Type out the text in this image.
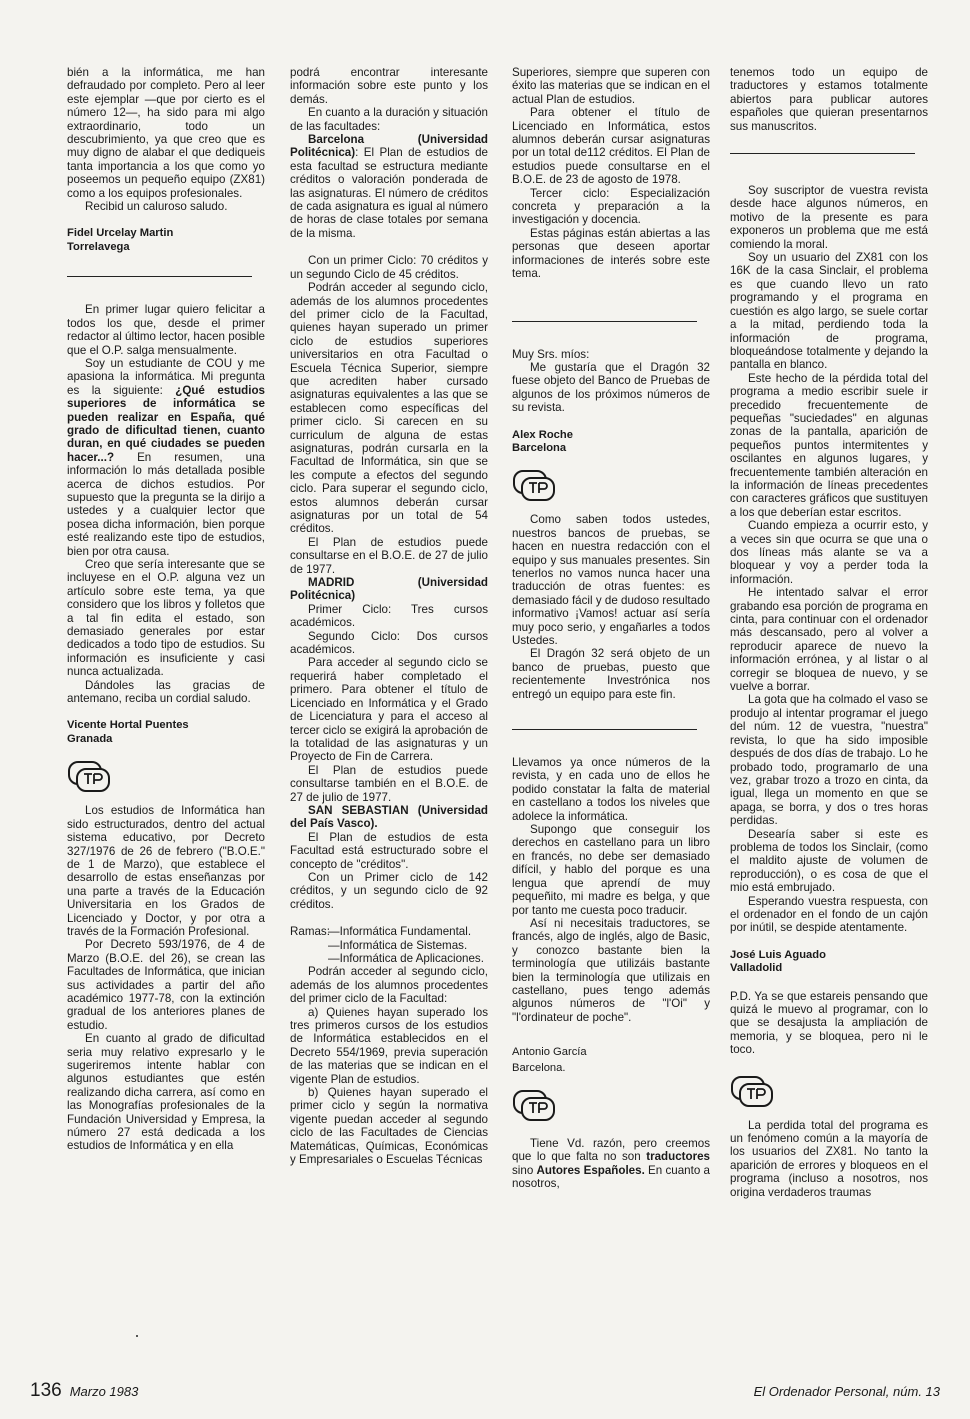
bién a la informática, me han defraudado por completo. Pero al leer este ejemplar —que por cierto es el número 12—, ha sido para mi algo extraordinario, todo un descubrimiento, ya que creo que es muy digno de alabar el que dediqueis tanta importancia a los que como yo poseemos un pequeño equipo (ZX81) como a los equipos profesionales.

Recibid un caluroso saludo.

Fidel Urcelay Martin
Torrelavega

En primer lugar quiero felicitar a todos los que, desde el primer redactor al último lector, hacen posible que el O.P. salga mensualmente.

Soy un estudiante de COU y me apasiona la informática. Mi pregunta es la siguiente: ¿Qué estudios superiores de informática se pueden realizar en España, qué grado de dificultad tienen, cuanto duran, en qué ciudades se pueden hacer...? En resumen, una información lo más detallada posible acerca de dichos estudios. Por supuesto que la pregunta se la dirijo a ustedes y a cualquier lector que posea dicha información, bien porque esté realizando este tipo de estudios, bien por otra causa.

Creo que sería interesante que se incluyese en el O.P. alguna vez un artículo sobre este tema, ya que considero que los libros y folletos que a tal fin edita el estado, son demasiado generales por estar dedicados a todo tipo de estudios. Su información es insuficiente y casi nunca actualizada.

Dándoles las gracias de antemano, reciba un cordial saludo.

Vicente Hortal Puentes
Granada

Los estudios de Informática han sido estructurados, dentro del actual sistema educativo, por Decreto 327/1976 de 26 de febrero ("B.O.E." de 1 de Marzo), que establece el desarrollo de estas enseñanzas por una parte a través de la Educación Universitaria en los Grados de Licenciado y Doctor, y por otra a través de la Formación Profesional.

Por Decreto 593/1976, de 4 de Marzo (B.O.E. del 26), se crean las Facultades de Informática, que inician sus actividades a partir del año académico 1977-78, con la extinción gradual de los anteriores planes de estudio.

En cuanto al grado de dificultad seria muy relativo expresarlo y le sugeriremos intente hablar con algunos estudiantes que estén realizando dicha carrera, así como en las Monografías profesionales de la Fundación Universidad y Empresa, la número 27 está dedicada a los estudios de Informática y en ella

podrá encontrar interesante información sobre este punto y los demás.

En cuanto a la duración y situación de las facultades:

Barcelona (Universidad Politécnica): El Plan de estudios de esta facultad se estructura mediante créditos o valoración ponderada de las asignaturas. El número de créditos de cada asignatura es igual al número de horas de clase totales por semana de la misma.

Con un primer Ciclo: 70 créditos y un segundo Ciclo de 45 créditos.

Podrán acceder al segundo ciclo, además de los alumnos procedentes del primer ciclo de la Facultad, quienes hayan superado un primer ciclo de estudios superiores universitarios en otra Facultad o Escuela Técnica Superior, siempre que acrediten haber cursado asignaturas equivalentes a las que se establecen como específicas del primer ciclo. Si carecen en su curriculum de alguna de estas asignaturas, podrán cursarla en la Facultad de Informática, sin que se les compute a efectos del segundo ciclo. Para superar el segundo ciclo, estos alumnos deberán cursar asignaturas por un total de 54 créditos.

El Plan de estudios puede consultarse en el B.O.E. de 27 de julio de 1977.

MADRID (Universidad Politécnica)

Primer Ciclo: Tres cursos académicos.

Segundo Ciclo: Dos cursos académicos.

Para acceder al segundo ciclo se requerirá haber completado el primero. Para obtener el título de Licenciado en Informática y el Grado de Licenciatura y para el acceso al tercer ciclo se exigirá la aprobación de la totalidad de las asignaturas y un Proyecto de Fin de Carrera.

El Plan de estudios puede consultarse también en el B.O.E. de 27 de julio de 1977.

SAN SEBASTIAN (Universidad del País Vasco).

El Plan de estudios de esta Facultad está estructurado sobre el concepto de "créditos".

Con un Primer ciclo de 142 créditos, y un segundo ciclo de 92 créditos.

Ramas:
—Informática Fundamental.
—Informática de Sistemas.
—Informática de Aplicaciones.

Podrán acceder al segundo ciclo, además de los alumnos procedentes del primer ciclo de la Facultad:

a) Quienes hayan superado los tres primeros cursos de los estudios de Informática establecidos en el Decreto 554/1969, previa superación de las materias que se indican en el vigente Plan de estudios.

b) Quienes hayan superado el primer ciclo y según la normativa vigente puedan acceder al segundo ciclo de las Facultades de Ciencias Matemáticas, Químicas, Económicas y Empresariales o Escuelas Técnicas

Superiores, siempre que superen con éxito las materias que se indican en el actual Plan de estudios.

Para obtener el título de Licenciado en Informática, estos alumnos deberán cursar asignaturas por un total de112 créditos. El Plan de estudios puede consultarse en el B.O.E. de 23 de agosto de 1978.

Tercer ciclo: Especialización concreta y preparación a la investigación y docencia.

Estas páginas están abiertas a las personas que deseen aportar informaciones de interés sobre este tema.

Muy Srs. míos:

Me gustaría que el Dragón 32 fuese objeto del Banco de Pruebas de algunos de los próximos números de su revista.

Alex Roche
Barcelona

Como saben todos ustedes, nuestros bancos de pruebas, se hacen en nuestra redacción con el equipo y sus manuales presentes. Sin tenerlos no vamos nunca hacer una traducción de otras fuentes: es demasiado fácil y de dudoso resultado informativo ¡Vamos! actuar así sería muy poco serio, y engañarles a todos Ustedes.

El Dragón 32 será objeto de un banco de pruebas, puesto que recientemente Investrónica nos entregó un equipo para este fin.

Llevamos ya once números de la revista, y en cada uno de ellos he podido constatar la falta de material en castellano a todos los niveles que adolece la informática.

Supongo que conseguir los derechos en castellano para un libro en francés, no debe ser demasiado difícil, y hablo del porque es una lengua que aprendí de muy pequeñito, mi madre es belga, y que por tanto me cuesta poco traducir.

Así ni necesitais traductores, se francés, algo de inglés, algo de Basic, y conozco bastante bien la terminología que utilizáis bastante bien la terminología que utilizais en castellano, pues tengo además algunos números de "l'Oi" y "l'ordinateur de poche".

Antonio García
Barcelona.

Tiene Vd. razón, pero creemos que lo que falta no son traductores sino Autores Españoles. En cuanto a nosotros,

tenemos todo un equipo de traductores y estamos totalmente abiertos para publicar autores españoles que quieran presentarnos sus manuscritos.

Soy suscriptor de vuestra revista desde hace algunos números, en motivo de la presente es para exponeros un problema que me está comiendo la moral.

Soy un usuario del ZX81 con los 16K de la casa Sinclair, el problema es que cuando llevo un rato programando y el programa en cuestión es algo largo, se suele cortar a la mitad, perdiendo toda la información de programa, bloqueándose totalmente y dejando la pantalla en blanco.

Este hecho de la pérdida total del programa a medio escribir suele ir precedido frecuentemente de pequeñas "suciedades" en algunas zonas de la pantalla, aparición de pequeños puntos intermitentes y oscilantes en algunos lugares, y frecuentemente también alteración en la información de líneas precedentes con caracteres gráficos que sustituyen a los que deberían estar escritos.

Cuando empieza a ocurrir esto, y a veces sin que ocurra se que una o dos líneas más alante se va a bloquear y voy a perder toda la información.

He intentado salvar el error grabando esa porción de programa en cinta, para continuar con el ordenador más descansado, pero al volver a reproducir aparece de nuevo la información errónea, y al listar o al corregir se bloquea de nuevo, y se vuelve a borrar.

La gota que ha colmado el vaso se produjo al intentar programar el juego del núm. 12 de vuestra, "nuestra" revista, lo que ha sido imposible después de dos días de trabajo. Lo he probado todo, programarlo de una vez, grabar trozo a trozo en cinta, da igual, llega un momento en que se apaga, se borra, y dos o tres horas perdidas.

Desearía saber si este es problema de todos los Sinclair, (como el maldito ajuste de volumen de reproducción), o es cosa de que el mio está embrujado.

Esperando vuestra respuesta, con el ordenador en el fondo de un cajón por inútil, se despide atentamente.

José Luis Aguado
Valladolid

P.D. Ya se que estareis pensando que quizá le muevo al programar, con lo que se desajusta la ampliación de memoria, y se bloquea, pero ni le toco.

La perdida total del programa es un fenómeno común a la mayoría de los usuarios del ZX81. No tanto la aparición de errores y bloqueos en el programa (incluso a nosotros, nos origina verdaderos traumas

136 Marzo 1983	El Ordenador Personal, núm. 13
